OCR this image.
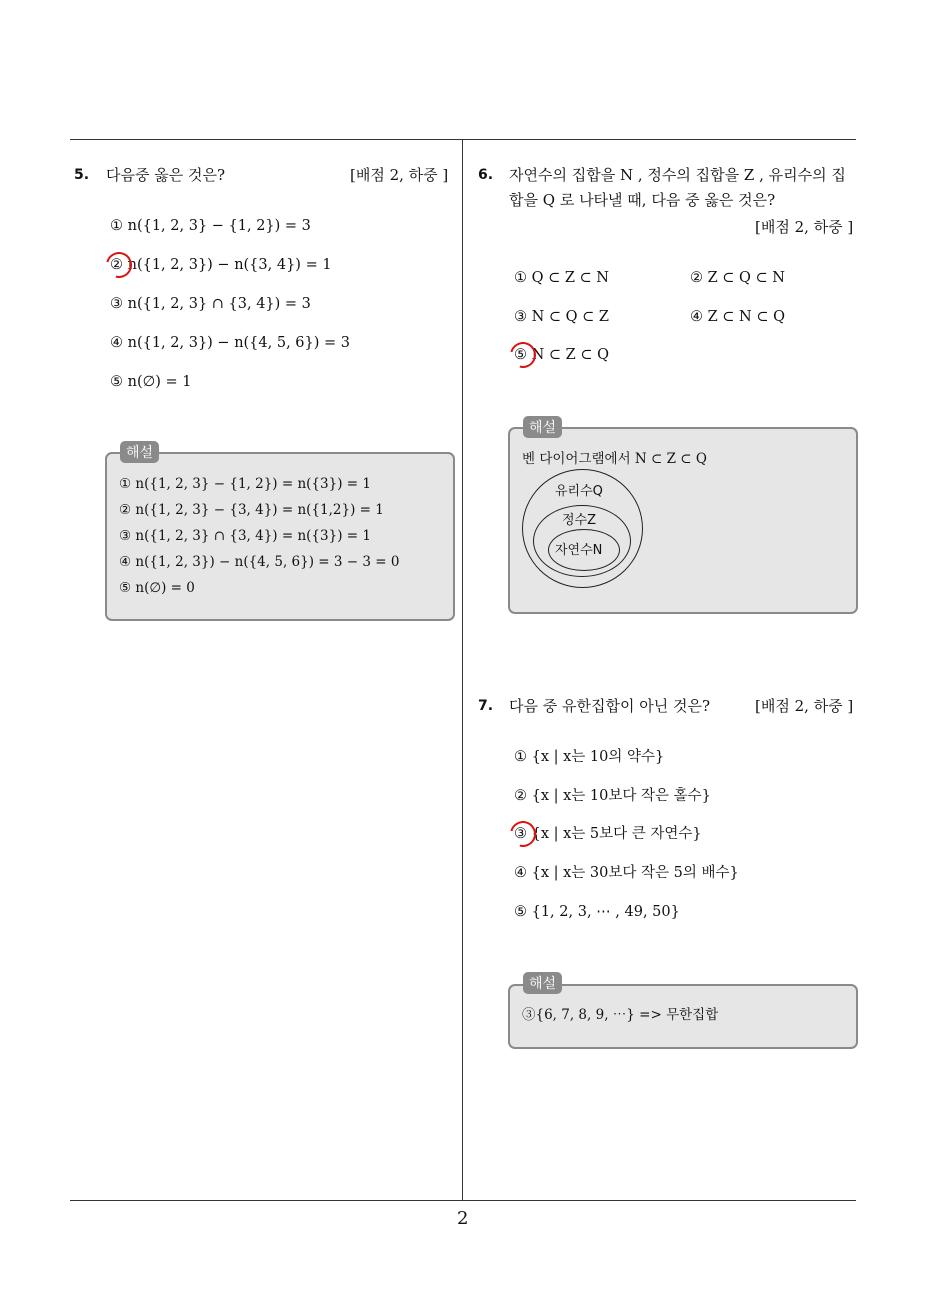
5. 다음중 옳은 것은?	[배점 2, 하중 ]
① n({1, 2, 3} − {1, 2}) = 3
② n({1, 2, 3}) − n({3, 4}) = 1
③ n({1, 2, 3} ∩ {3, 4}) = 3
④ n({1, 2, 3}) − n({4, 5, 6}) = 3
⑤ n(∅) = 1
① n({1, 2, 3} − {1, 2}) = n({3}) = 1
② n({1, 2, 3} − {3, 4}) = n({1,2}) = 1
③ n({1, 2, 3} ∩ {3, 4}) = n({3}) = 1
④ n({1, 2, 3}) − n({4, 5, 6}) = 3 − 3 = 0
⑤ n(∅) = 0
해설
6. 자연수의 집합을 N , 정수의 집합을 Z , 유리수의 집
합을 Q 로 나타낼 때, 다음 중 옳은 것은?
[배점 2, 하중 ]
① Q ⊂ Z ⊂ N	② Z ⊂ Q ⊂ N
③ N ⊂ Q ⊂ Z	④ Z ⊂ N ⊂ Q
⑤ N ⊂ Z ⊂ Q
벤 다이어그램에서 N ⊂ Z ⊂ Q
유리수Q
정수Z
자연수N
해설
7. 다음 중 유한집합이 아닌 것은?	[배점 2, 하중 ]
① {x | x는 10의 약수}
② {x | x는 10보다 작은 홀수}
③ {x | x는 5보다 큰 자연수}
④ {x | x는 30보다 작은 5의 배수}
⑤ {1, 2, 3, ⋯ , 49, 50}
③{6, 7, 8, 9, ⋯} => 무한집합
해설
2
